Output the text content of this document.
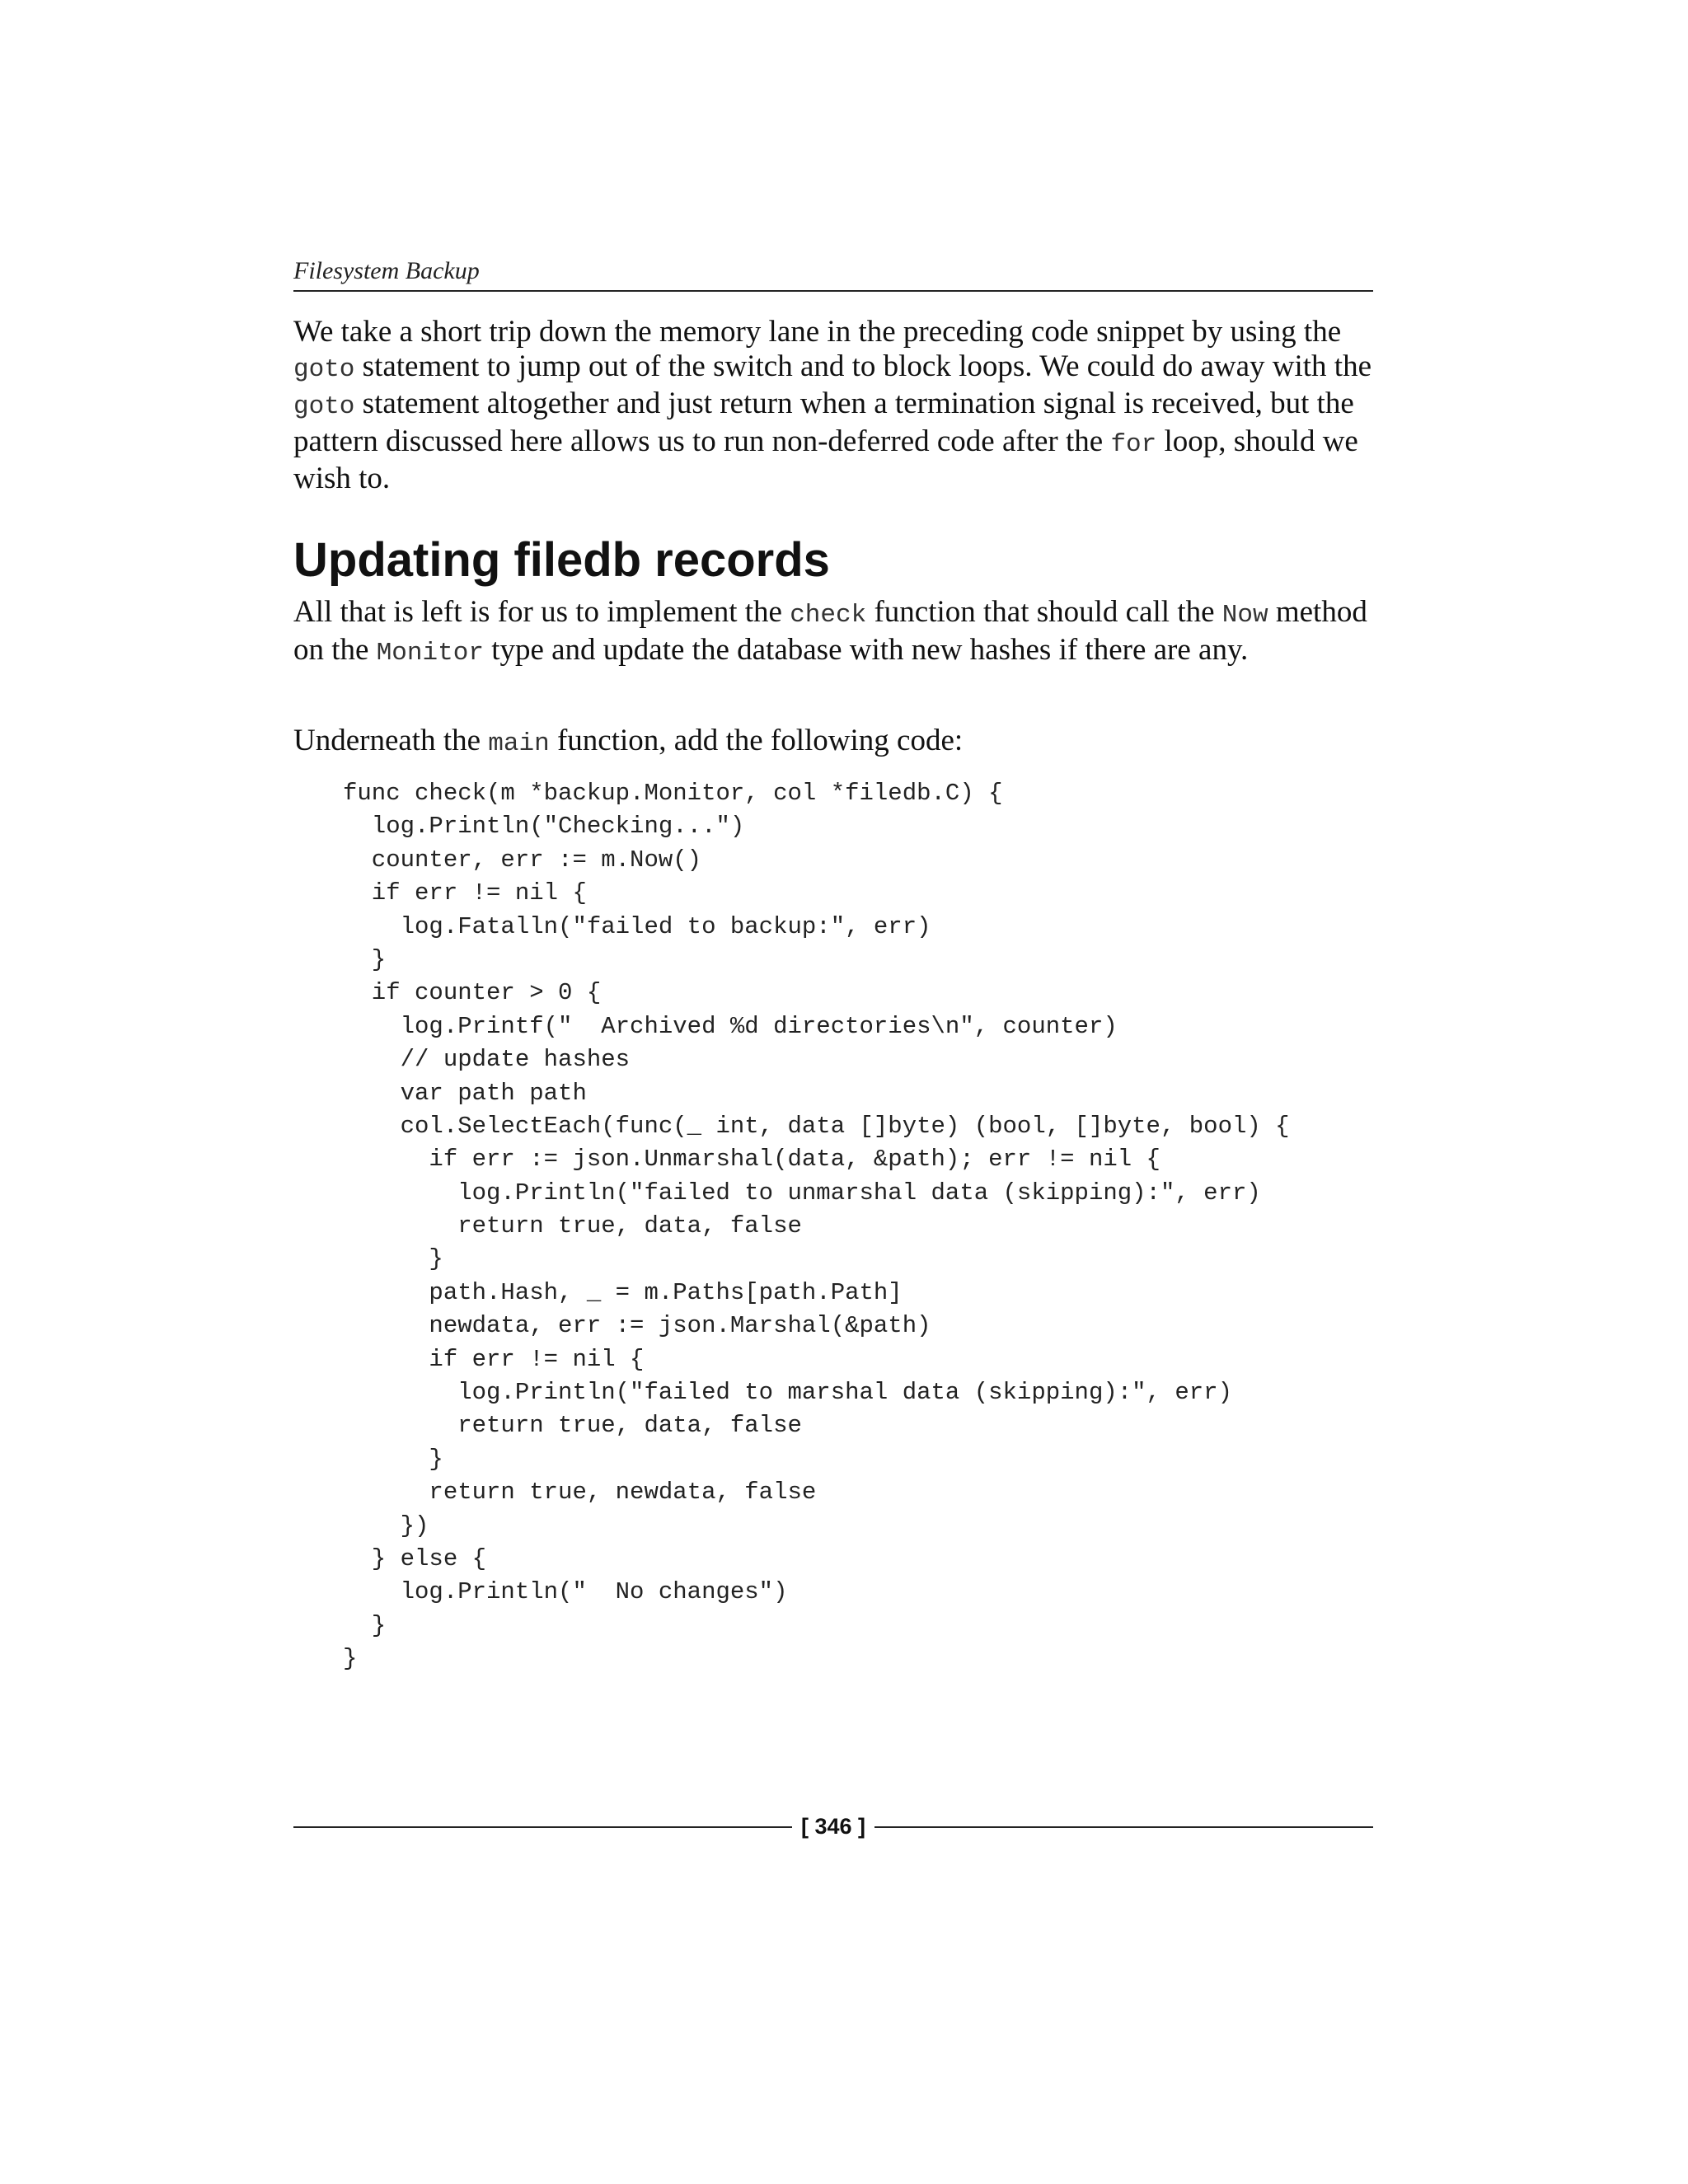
Filesystem Backup

We take a short trip down the memory lane in the preceding code snippet by using the goto statement to jump out of the switch and to block loops. We could do away with the goto statement altogether and just return when a termination signal is received, but the pattern discussed here allows us to run non-deferred code after the for loop, should we wish to.

Updating filedb records

All that is left is for us to implement the check function that should call the Now method on the Monitor type and update the database with new hashes if there are any.

Underneath the main function, add the following code:

func check(m *backup.Monitor, col *filedb.C) {
log.Println("Checking...")
counter, err := m.Now()
if err != nil {
log.Fatalln("failed to backup:", err)
}
if counter > 0 {
log.Printf("  Archived %d directories\n", counter)
// update hashes
var path path
col.SelectEach(func(_ int, data []byte) (bool, []byte, bool) {
if err := json.Unmarshal(data, &path); err != nil {
log.Println("failed to unmarshal data (skipping):", err)
return true, data, false
}
path.Hash, _ = m.Paths[path.Path]
newdata, err := json.Marshal(&path)
if err != nil {
log.Println("failed to marshal data (skipping):", err)
return true, data, false
}
return true, newdata, false
})
} else {
log.Println("  No changes")
}
}
[ 346 ]
